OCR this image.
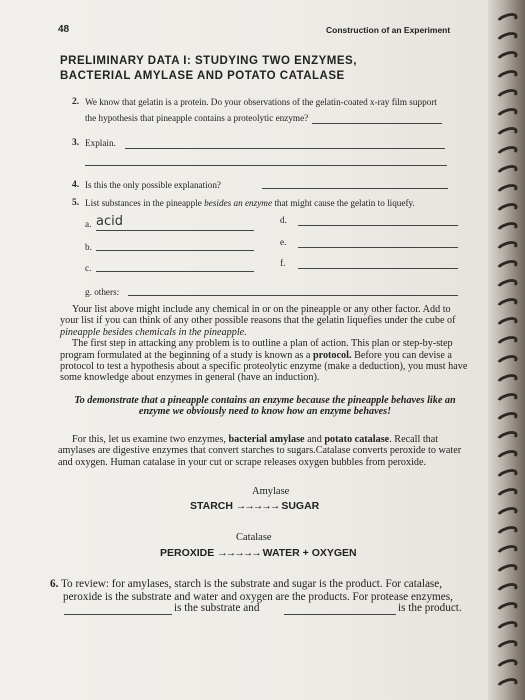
48	Construction of an Experiment
PRELIMINARY DATA I: STUDYING TWO ENZYMES,
BACTERIAL AMYLASE AND POTATO CATALASE
2. We know that gelatin is a protein. Do your observations of the gelatin-coated x-ray film support
the hypothesis that pineapple contains a proteolytic enzyme?
3. Explain.
4. Is this the only possible explanation?
5. List substances in the pineapple besides an enzyme that might cause the gelatin to liquefy.
a. acid	d.
b.	e.
c.	f.
g. others:

Your list above might include any chemical in or on the pineapple or any other factor. Add to

your list if you can think of any other possible reasons that the gelatin liquefies under the cube of

pineapple besides chemicals in the pineapple.

The first step in attacking any problem is to outline a plan of action. This plan or step-by-step

program formulated at the beginning of a study is known as a protocol. Before you can devise a

protocol to test a hypothesis about a specific proteolytic enzyme (make a deduction), you must have

some knowledge about enzymes in general (have an induction).

To demonstrate that a pineapple contains an enzyme because the pineapple behaves like an

enzyme we obviously need to know how an enzyme behaves!

For this, let us examine two enzymes, bacterial amylase and potato catalase. Recall that

amylases are digestive enzymes that convert starches to sugars.Catalase converts peroxide to water

and oxygen. Human catalase in your cut or scrape releases oxygen bubbles from peroxide.

Amylase
STARCH →→→→→ SUGAR
Catalase
PEROXIDE →→→→→ WATER + OXYGEN

6. To review: for amylases, starch is the substrate and sugar is the product. For catalase,

peroxide is the substrate and water and oxygen are the products. For protease enzymes,

is the substrate and	is the product.
